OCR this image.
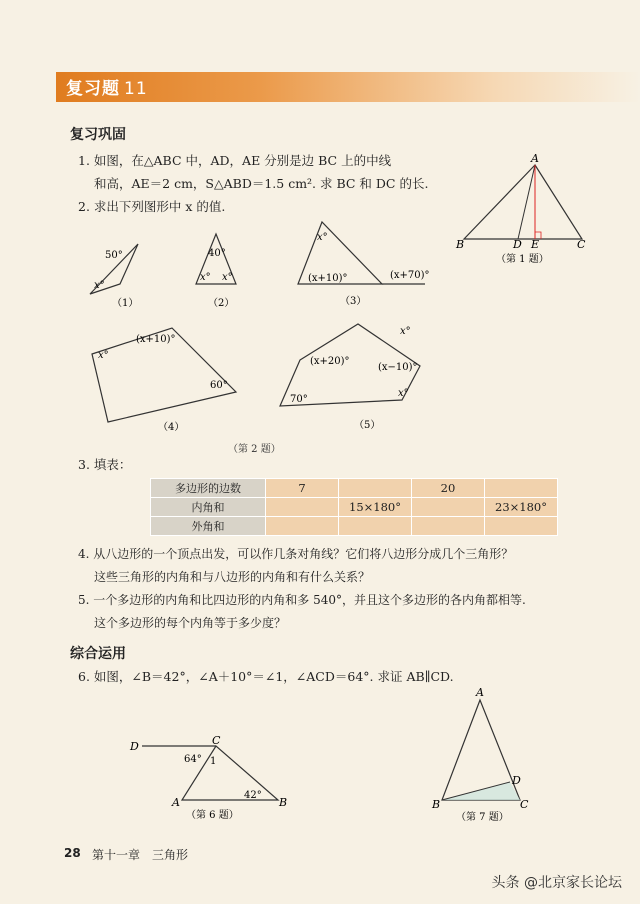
复习题 11
复习巩固
1. 如图，在△ABC 中，AD，AE 分别是边 BC 上的中线
和高，AE＝2 cm，S△ABD＝1.5 cm². 求 BC 和 DC 的长.
2. 求出下列图形中 x 的值.
A
B	D E	C
（第 1 题）
50°
x°
（1）
40°
x° x°
（2）
x°
(x+10)°	(x+70)°
（3）
(x+10)°
x°
60°
（4）
(x+20)°
(x−10)°
70°
x°
x°
（5）
（第 2 题）
3. 填表：
多边形的边数	7		20	
内角和		15×180°		23×180°
外角和				
4. 从八边形的一个顶点出发，可以作几条对角线？它们将八边形分成几个三角形？
这些三角形的内角和与八边形的内角和有什么关系？
5. 一个多边形的内角和比四边形的内角和多 540°，并且这个多边形的各内角都相等.
这个多边形的每个内角等于多少度？
综合运用
6. 如图，∠B＝42°，∠A＋10°＝∠1，∠ACD＝64°. 求证 AB∥CD.
D	C
A	B
64° 1
42°
（第 6 题）
A
B	C
D
（第 7 题）
28 第十一章 三角形
头条 @北京家长论坛
